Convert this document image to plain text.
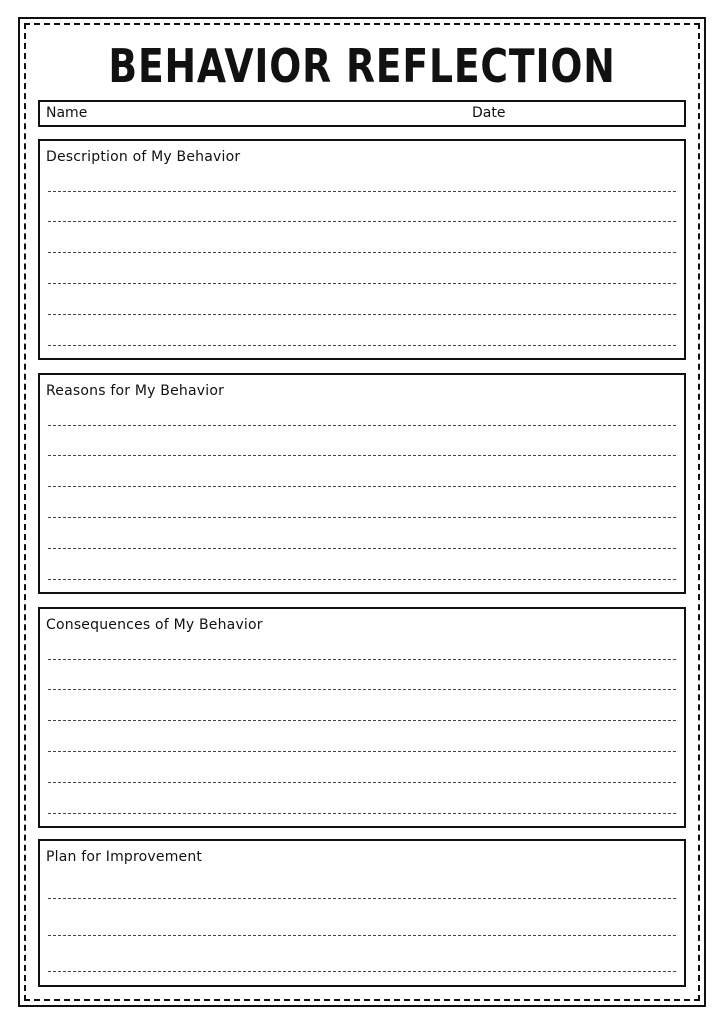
BEHAVIOR REFLECTION
Name	Date
Description of My Behavior
Reasons for My Behavior
Consequences of My Behavior
Plan for Improvement
